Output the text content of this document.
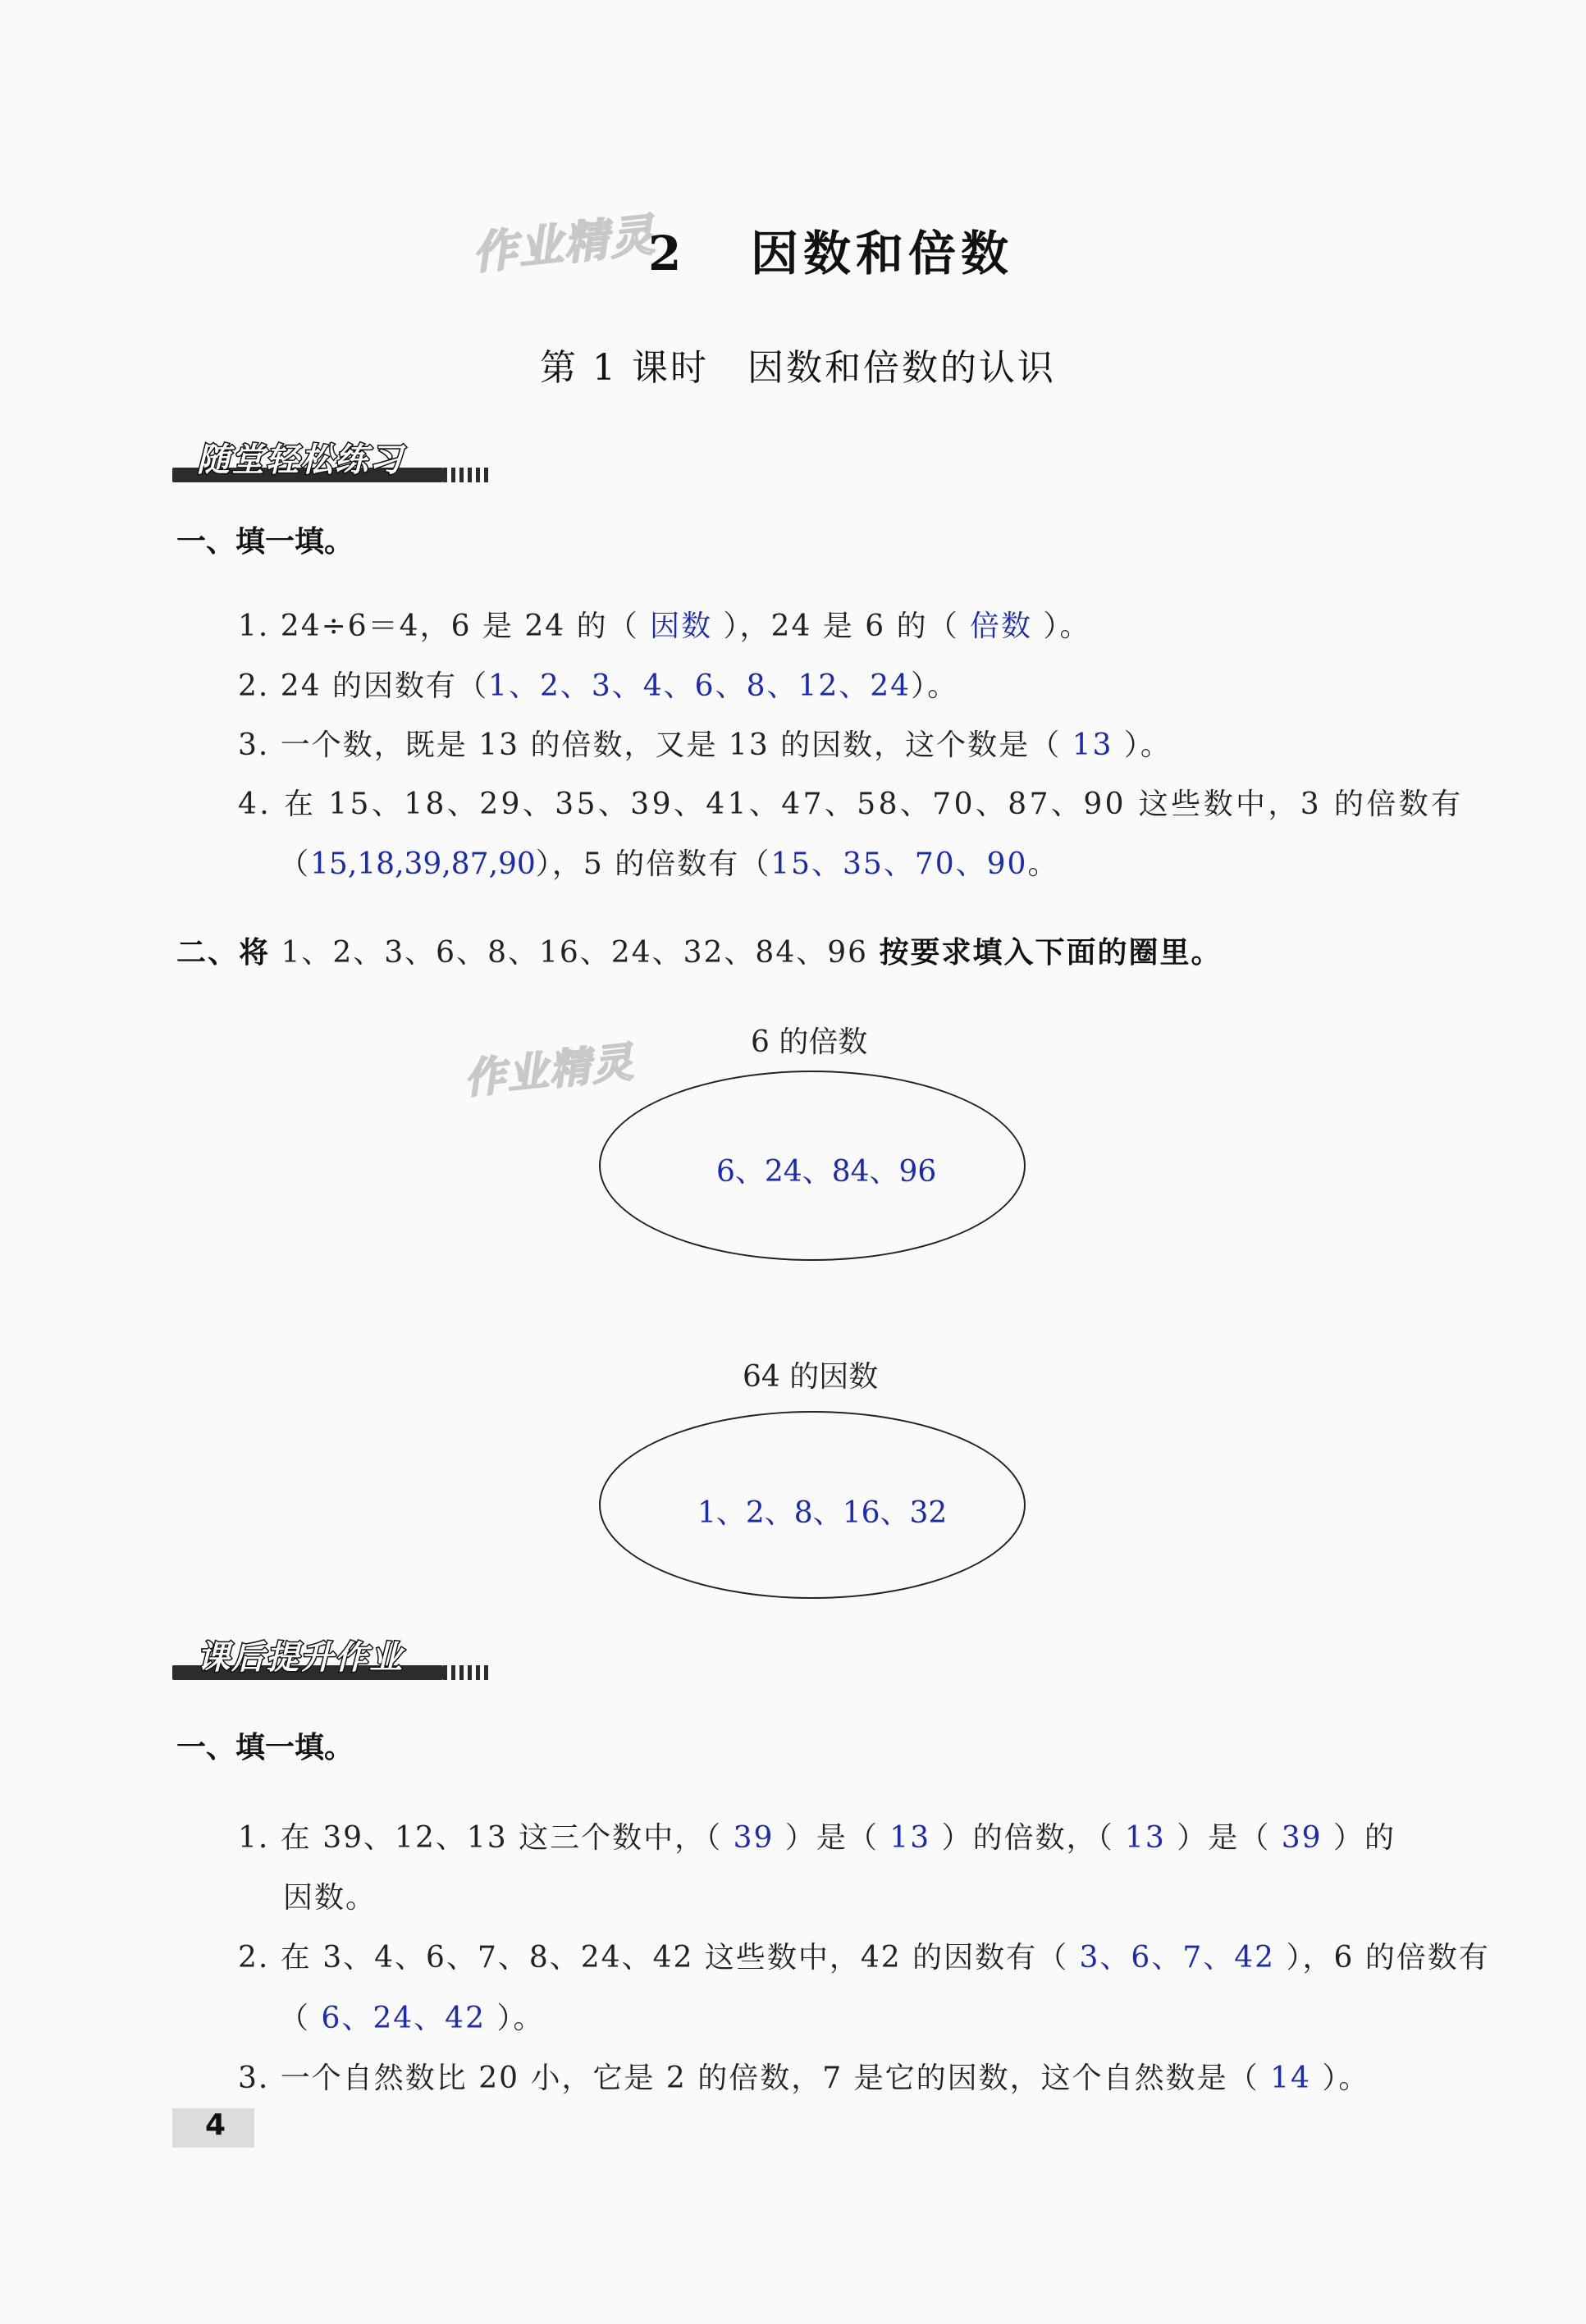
作业精灵
作业精灵
2 因数和倍数
第 1 课时　因数和倍数的认识
随堂轻松练习
一、填一填。
1. 24÷6＝4，6 是 24 的（ 因数 ），24 是 6 的（ 倍数 ）。
2. 24 的因数有（1、2、3、4、6、8、12、24）。
3. 一个数，既是 13 的倍数，又是 13 的因数，这个数是（ 13 ）。
4. 在 15、18、29、35、39、41、47、58、70、87、90 这些数中，3 的倍数有
（15,18,39,87,90），5 的倍数有（15、35、70、90。
二、将 1、2、3、6、8、16、24、32、84、96 按要求填入下面的圈里。
6 的倍数
6、24、84、96
64 的因数
1、2、8、16、32
课后提升作业
一、填一填。
1. 在 39、12、13 这三个数中，（ 39 ）是（ 13 ）的倍数，（ 13 ）是（ 39 ）的
因数。
2. 在 3、4、6、7、8、24、42 这些数中，42 的因数有（ 3、6、7、42 ），6 的倍数有
（ 6、24、42 ）。
3. 一个自然数比 20 小，它是 2 的倍数，7 是它的因数，这个自然数是（ 14 ）。
4
